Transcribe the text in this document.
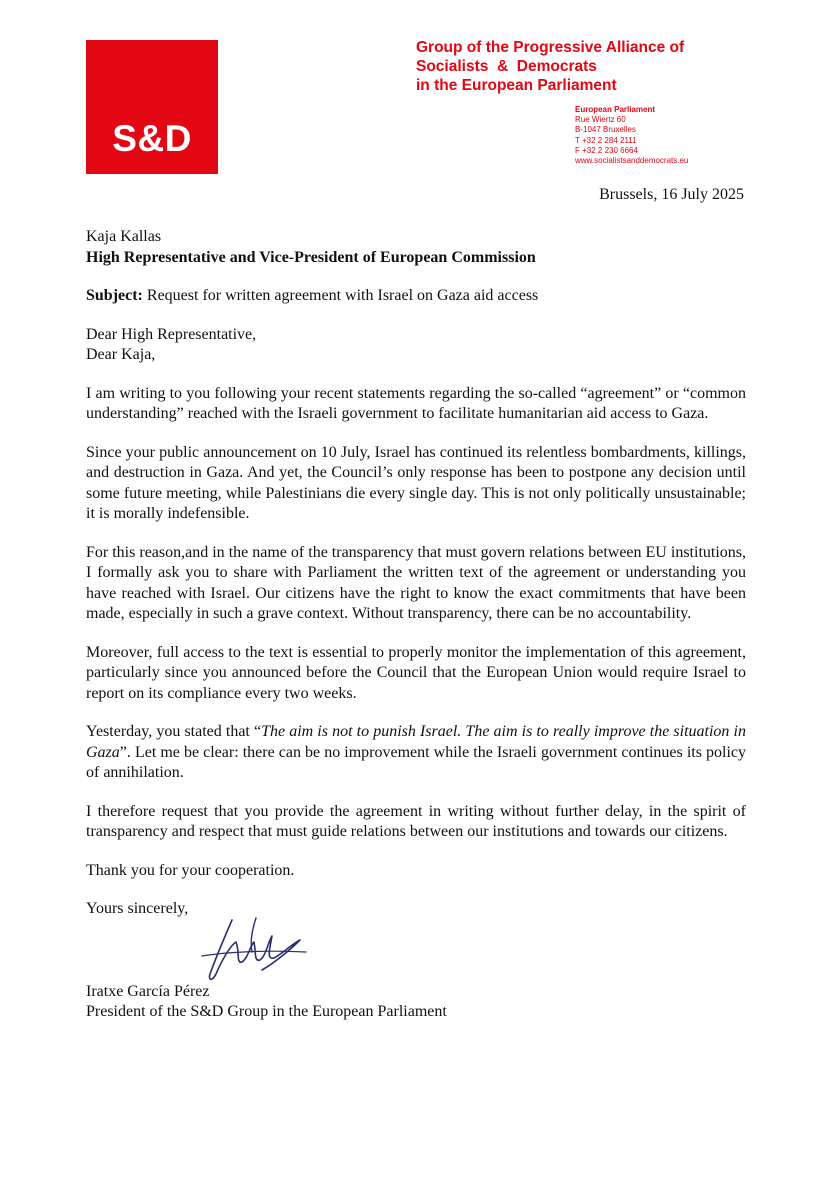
S&D
Group of the Progressive Alliance of
Socialists  &  Democrats
in the European Parliament
European Parliament
Rue Wiertz 60
B-1047 Bruxelles
T +32 2 284 2111
F +32 2 230 6664
www.socialistsanddemocrats.eu
Brussels, 16 July 2025

Kaja Kallas

High Representative and Vice-President of European Commission

Subject: Request for written agreement with Israel on Gaza aid access

Dear High Representative,

Dear Kaja,

I am writing to you following your recent statements regarding the so-called “agreement” or “common understanding” reached with the Israeli government to facilitate humanitarian aid access to Gaza.

Since your public announcement on 10 July, Israel has continued its relentless bombardments, killings, and destruction in Gaza. And yet, the Council’s only response has been to postpone any decision until some future meeting, while Palestinians die every single day. This is not only politically unsustainable; it is morally indefensible.

For this reason,and in the name of the transparency that must govern relations between EU institutions, I formally ask you to share with Parliament the written text of the agreement or understanding you have reached with Israel. Our citizens have the right to know the exact commitments that have been made, especially in such a grave context. Without transparency, there can be no accountability.

Moreover, full access to the text is essential to properly monitor the implementation of this agreement, particularly since you announced before the Council that the European Union would require Israel to report on its compliance every two weeks.

Yesterday, you stated that “The aim is not to punish Israel. The aim is to really improve the situation in Gaza”. Let me be clear: there can be no improvement while the Israeli government continues its policy of annihilation.

I therefore request that you provide the agreement in writing without further delay, in the spirit of transparency and respect that must guide relations between our institutions and towards our citizens.

Thank you for your cooperation.

Yours sincerely,

Iratxe García Pérez

President of the S&D Group in the European Parliament
